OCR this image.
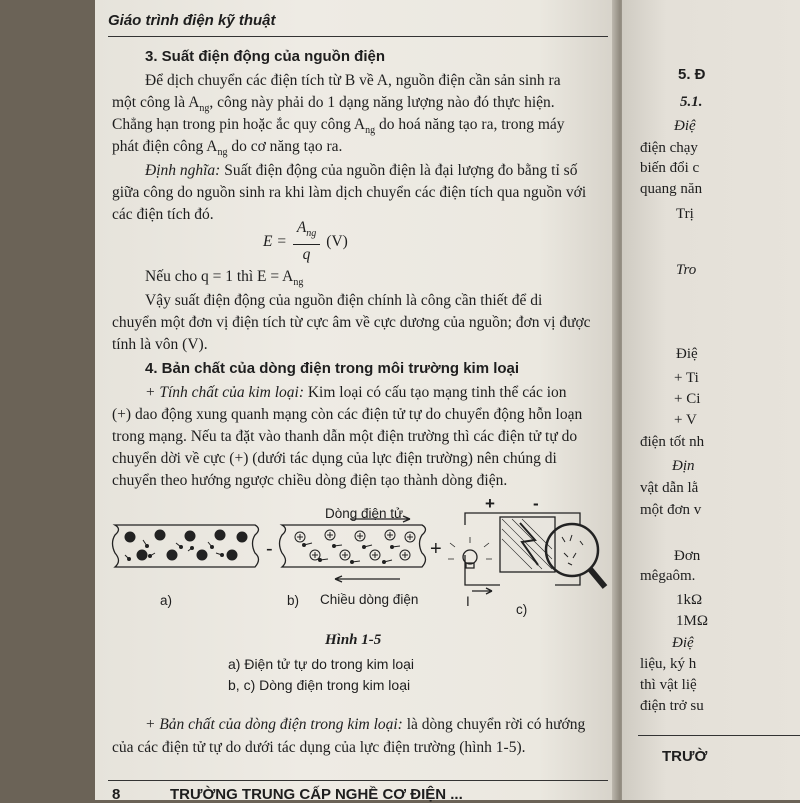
5. Đ
5.1.
Điệ
điện chạy
biến đổi c
quang năn
Trị
Tro
Điệ
+ Ti
+ Ci
+ V
điện tốt nh
Địn
vật dẫn lằ
một đơn v
Đơn
mêgaôm.
1kΩ
1MΩ
Điệ
liệu, ký h
thì vật liệ
điện trở su
TRƯỜ
Giáo trình điện kỹ thuật
3. Suất điện động của nguồn điện
Để dịch chuyển các điện tích từ B về A, nguồn điện cần sản sinh ra
một công là $A_{ng}$, công này phải do 1 dạng năng lượng nào đó thực hiện.
Chẳng hạn trong pin hoặc ắc quy công $A_{ng}$ do hoá năng tạo ra, trong máy
phát điện công $A_{ng}$ do cơ năng tạo ra.
Định nghĩa: Suất điện động của nguồn điện là đại lượng đo bằng tỉ số
giữa công do nguồn sinh ra khi làm dịch chuyển các điện tích qua nguồn với
các điện tích đó.
$E = \frac{A_{ng}}{q} (V)$
Nếu cho q = 1 thì $E = A_{ng}$
Vậy suất điện động của nguồn điện chính là công cần thiết để di
chuyển một đơn vị điện tích từ cực âm về cực dương của nguồn; đơn vị được
tính là vôn (V).
4. Bản chất của dòng điện trong môi trường kim loại
+ Tính chất của kim loại: Kim loại có cấu tạo mạng tinh thể các ion
(+) dao động xung quanh mạng còn các điện tử tự do chuyển động hỗn loạn
trong mạng. Nếu ta đặt vào thanh dẫn một điện trường thì các điện tử tự do
chuyển dời về cực (+) (dưới tác dụng của lực điện trường) nên chúng di
chuyển theo hướng ngược chiều dòng điện tạo thành dòng điện.
Dòng điện tử
Chiều dòng điện
a)	b)
c)
I
-	+
+ -
Hình 1-5
a) Điện tử tự do trong kim loại
b, c) Dòng điện trong kim loại
+ Bản chất của dòng điện trong kim loại: là dòng chuyển rời có hướng
của các điện tử tự do dưới tác dụng của lực điện trường (hình 1-5).
8	TRƯỜNG TRUNG CẤP NGHỀ CƠ ĐIỆN ...
